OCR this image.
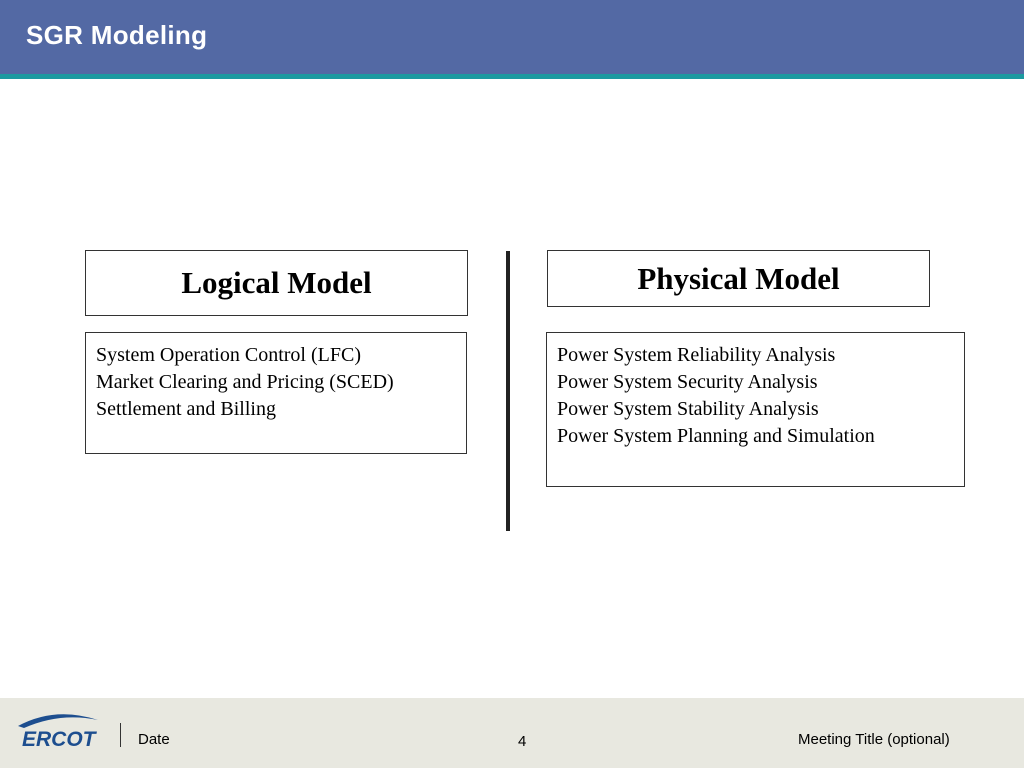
SGR Modeling
Logical Model
System Operation Control (LFC)
Market Clearing and Pricing (SCED)
Settlement and Billing
Physical Model
Power System Reliability Analysis
Power System Security Analysis
Power System Stability Analysis
Power System Planning and Simulation
ERCOT	Date	4	Meeting Title (optional)
